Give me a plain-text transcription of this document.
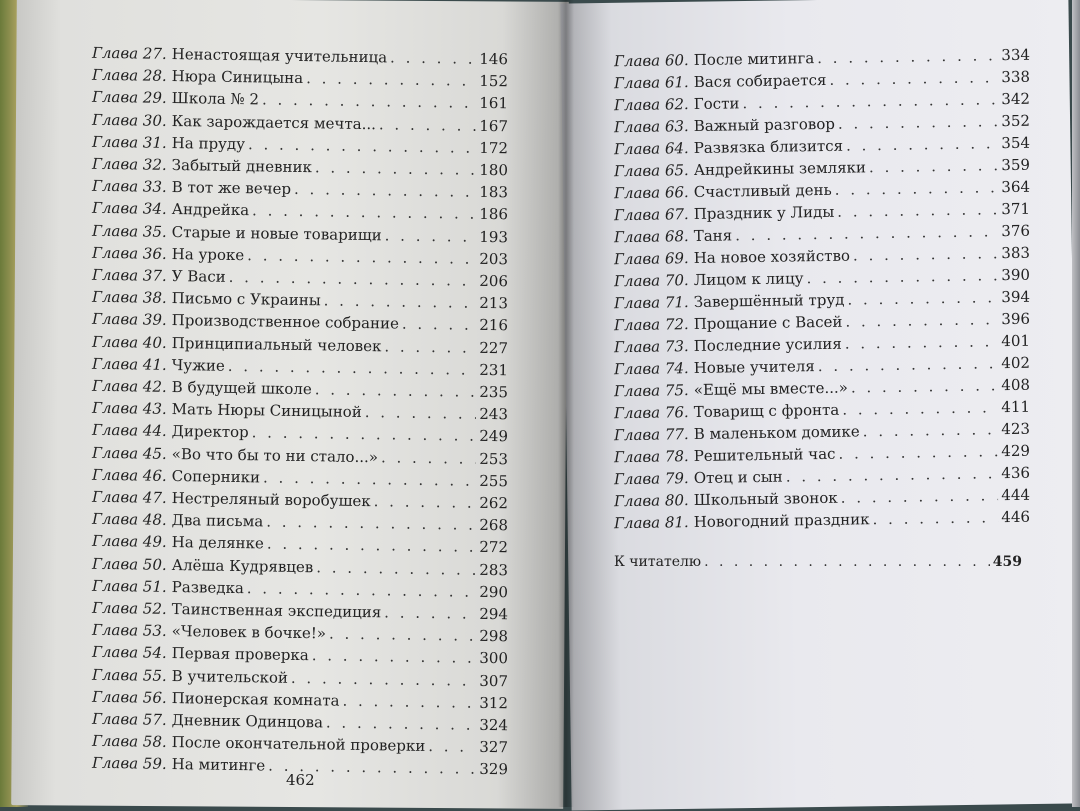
Глава 27. Ненастоящая учительница . . .	146
Глава 28. Нюра Синицына . . .	152
Глава 29. Школа № 2 . . .	161
Глава 30. Как зарождается мечта... . . .	167
Глава 31. На пруду . . .	172
Глава 32. Забытый дневник . . .	180
Глава 33. В тот же вечер . . .	183
Глава 34. Андрейка . . .	186
Глава 35. Старые и новые товарищи . . .	193
Глава 36. На уроке . . .	203
Глава 37. У Васи . . .	206
Глава 38. Письмо с Украины . . .	213
Глава 39. Производственное собрание . . .	216
Глава 40. Принципиальный человек . . .	227
Глава 41. Чужие . . .	231
Глава 42. В будущей школе . . .	235
Глава 43. Мать Нюры Синицыной . . .	243
Глава 44. Директор . . .	249
Глава 45. «Во что бы то ни стало...» . . .	253
Глава 46. Соперники . . .	255
Глава 47. Нестреляный воробушек . . .	262
Глава 48. Два письма . . .	268
Глава 49. На делянке . . .	272
Глава 50. Алёша Кудрявцев . . .	283
Глава 51. Разведка . . .	290
Глава 52. Таинственная экспедиция . . .	294
Глава 53. «Человек в бочке!» . . .	298
Глава 54. Первая проверка . . .	300
Глава 55. В учительской . . .	307
Глава 56. Пионерская комната . . .	312
Глава 57. Дневник Одинцова . . .	324
Глава 58. После окончательной проверки . . .	327
Глава 59. На митинге . . .	329
Глава 60. После митинга . . .	334
Глава 61. Вася собирается . . .	338
Глава 62. Гости . . .	342
Глава 63. Важный разговор . . .	352
Глава 64. Развязка близится . . .	354
Глава 65. Андрейкины земляки . . .	359
Глава 66. Счастливый день . . .	364
Глава 67. Праздник у Лиды . . .	371
Глава 68. Таня . . .	376
Глава 69. На новое хозяйство . . .	383
Глава 70. Лицом к лицу . . .	390
Глава 71. Завершённый труд . . .	394
Глава 72. Прощание с Васей . . .	396
Глава 73. Последние усилия . . .	401
Глава 74. Новые учителя . . .	402
Глава 75. «Ещё мы вместе...» . . .	408
Глава 76. Товарищ с фронта . . .	411
Глава 77. В маленьком домике . . .	423
Глава 78. Решительный час . . .	429
Глава 79. Отец и сын . . .	436
Глава 80. Школьный звонок . . .	444
Глава 81. Новогодний праздник . . .	446
К читателю . . .	459
462
